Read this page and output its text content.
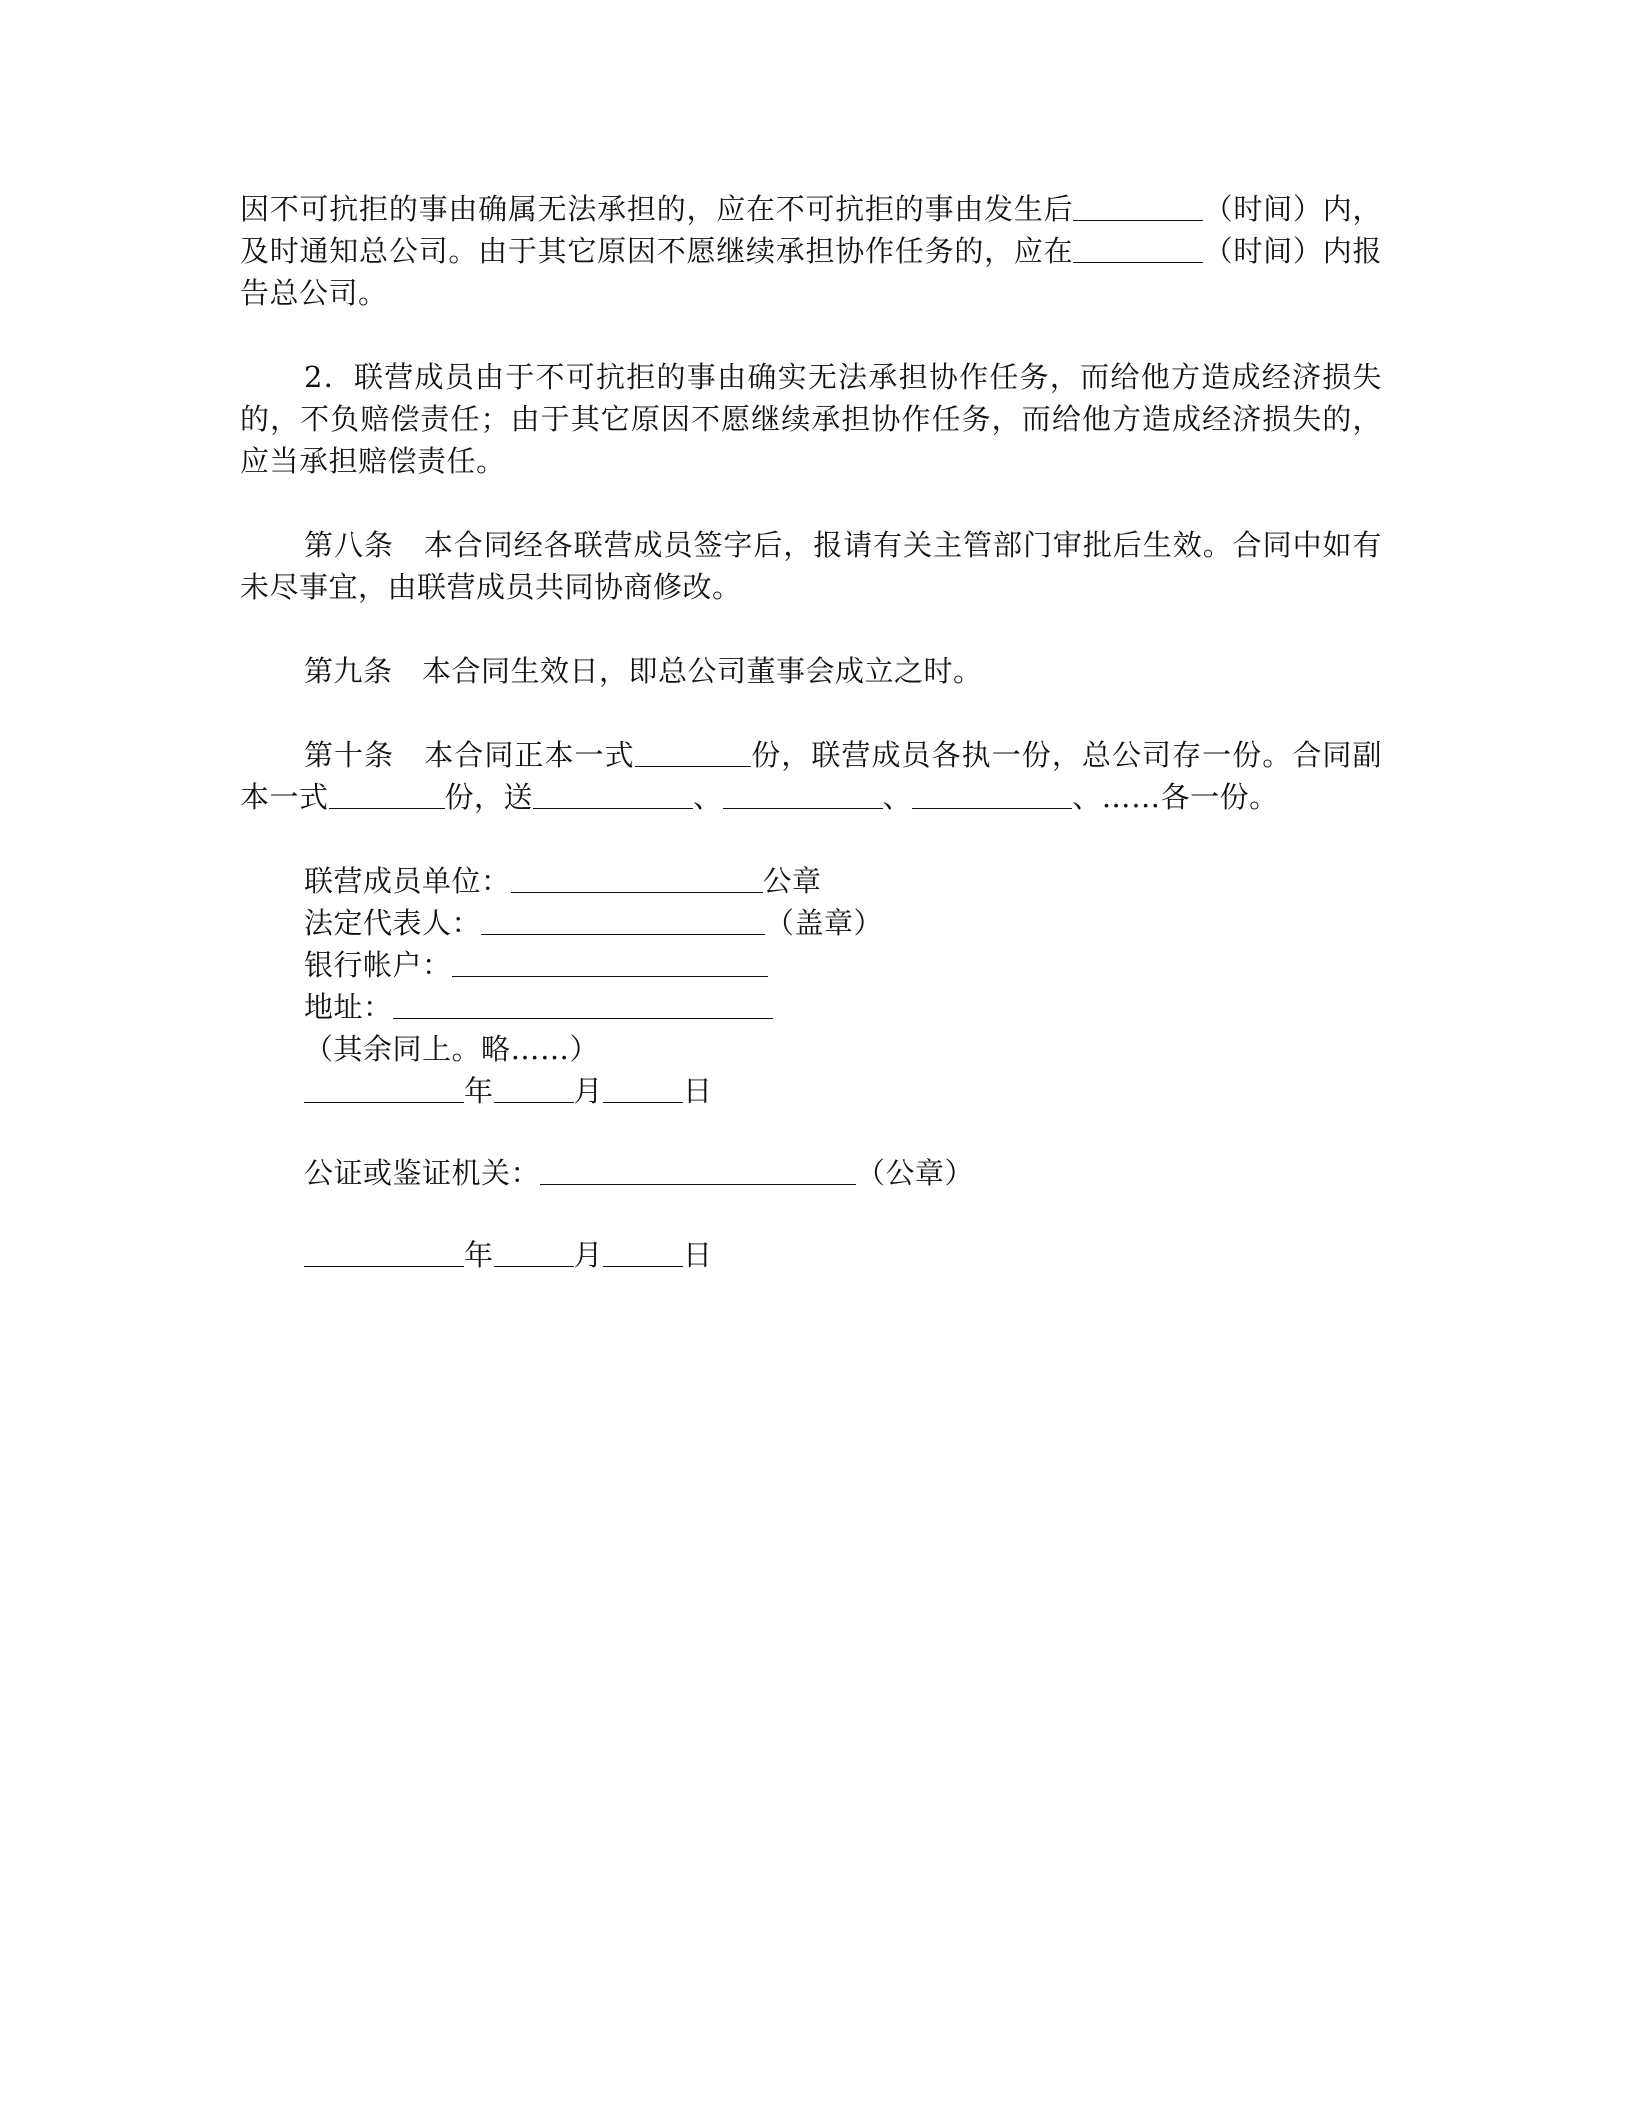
因不可抗拒的事由确属无法承担的，应在不可抗拒的事由发生后	（时间）内，及时通知总公司。由于其它原因不愿继续承担协作任务的，应在	（时间）内报告总公司。

2．联营成员由于不可抗拒的事由确实无法承担协作任务，而给他方造成经济损失的，不负赔偿责任；由于其它原因不愿继续承担协作任务，而给他方造成经济损失的，应当承担赔偿责任。

第八条　本合同经各联营成员签字后，报请有关主管部门审批后生效。合同中如有未尽事宜，由联营成员共同协商修改。

第九条　本合同生效日，即总公司董事会成立之时。

第十条　本合同正本一式	份，联营成员各执一份，总公司存一份。合同副本一式	份，送	、	、	、……各一份。

联营成员单位：	公章
法定代表人：	（盖章）
银行帐户：
地址：
（其余同上。略……）
年	月	日
公证或鉴证机关：	（公章）
年	月	日
